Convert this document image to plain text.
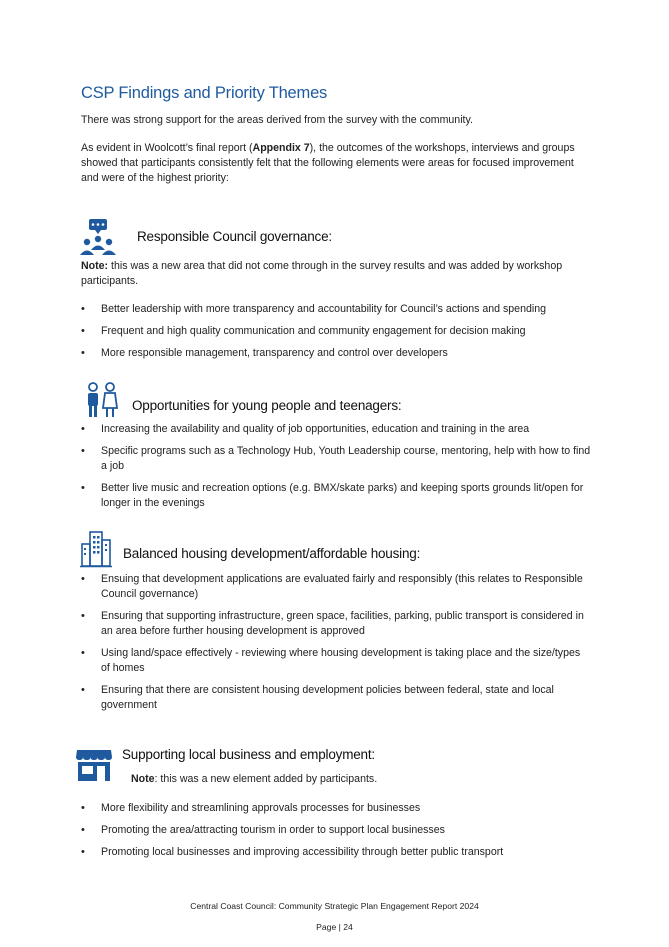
CSP Findings and Priority Themes
There was strong support for the areas derived from the survey with the community.
As evident in Woolcott’s final report (Appendix 7), the outcomes of the workshops, interviews and groups showed that participants consistently felt that the following elements were areas for focused improvement and were of the highest priority:
Responsible Council governance:
Note: this was a new area that did not come through in the survey results and was added by workshop participants.
• Better leadership with more transparency and accountability for Council’s actions and spending
• Frequent and high quality communication and community engagement for decision making
• More responsible management, transparency and control over developers
Opportunities for young people and teenagers:
• Increasing the availability and quality of job opportunities, education and training in the area
• Specific programs such as a Technology Hub, Youth Leadership course, mentoring, help with how to find a job
• Better live music and recreation options (e.g. BMX/skate parks) and keeping sports grounds lit/open for longer in the evenings
Balanced housing development/affordable housing:
• Ensuing that development applications are evaluated fairly and responsibly (this relates to Responsible Council governance)
• Ensuring that supporting infrastructure, green space, facilities, parking, public transport is considered in an area before further housing development is approved
• Using land/space effectively - reviewing where housing development is taking place and the size/types of homes
• Ensuring that there are consistent housing development policies between federal, state and local government
Supporting local business and employment:
Note: this was a new element added by participants.
• More flexibility and streamlining approvals processes for businesses
• Promoting the area/attracting tourism in order to support local businesses
• Promoting local businesses and improving accessibility through better public transport
Central Coast Council: Community Strategic Plan Engagement Report 2024
Page | 24
